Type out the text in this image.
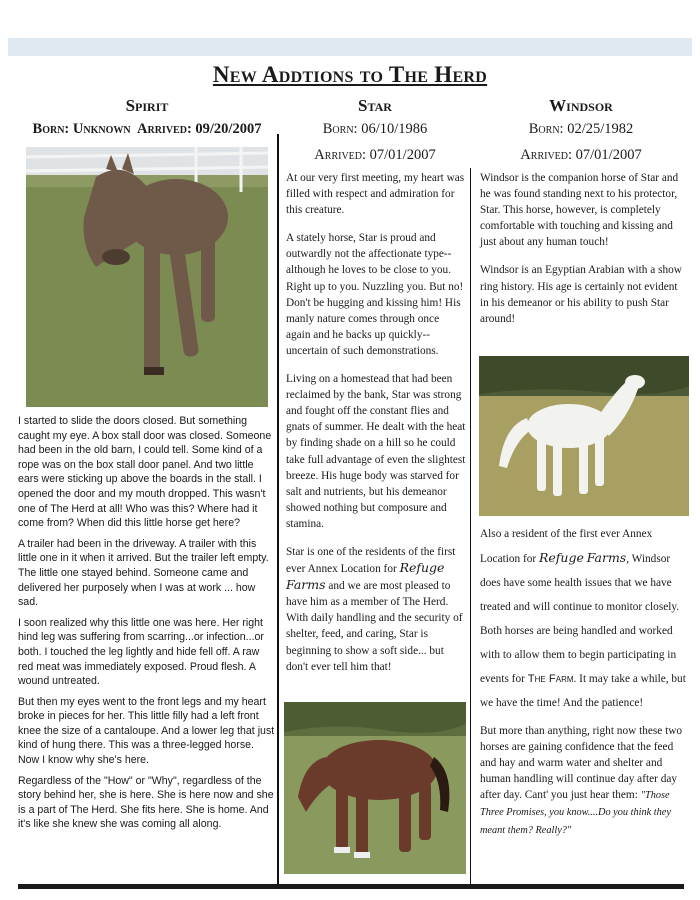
New Addtions to The Herd
Spirit
Born: Unknown  Arrived: 09/20/2007

I started to slide the doors closed. But something caught my eye. A box stall door was closed. Someone had been in the old barn, I could tell. Some kind of a rope was on the box stall door panel. And two little ears were sticking up above the boards in the stall. I opened the door and my mouth dropped. This wasn't one of The Herd at all! Who was this? Where had it come from? When did this little horse get here?

A trailer had been in the driveway. A trailer with this little one in it when it arrived. But the trailer left empty. The little one stayed behind. Someone came and delivered her purposely when I was at work ... how sad.

I soon realized why this little one was here. Her right hind leg was suffering from scarring...or infection...or both. I touched the leg lightly and hide fell off. A raw red meat was immediately exposed. Proud flesh. A wound untreated.

But then my eyes went to the front legs and my heart broke in pieces for her. This little filly had a left front knee the size of a cantaloupe. And a lower leg that just kind of hung there. This was a three-legged horse. Now I know why she's here.

Regardless of the "How" or "Why", regardless of the story behind her, she is here. She is here now and she is a part of The Herd. She fits here. She is home. And it's like she knew she was coming all along.

Star
Born: 06/10/1986
Arrived: 07/01/2007

At our very first meeting, my heart was filled with respect and admiration for this creature.

A stately horse, Star is proud and outwardly not the affectionate type--although he loves to be close to you. Right up to you. Nuzzling you. But no! Don't be hugging and kissing him! His manly nature comes through once again and he backs up quickly--uncertain of such demonstrations.

Living on a homestead that had been reclaimed by the bank, Star was strong and fought off the constant flies and gnats of summer. He dealt with the heat by finding shade on a hill so he could take full advantage of even the slightest breeze. His huge body was starved for salt and nutrients, but his demeanor showed nothing but composure and stamina.

Star is one of the residents of the first ever Annex Location for Refuge Farms and we are most pleased to have him as a member of The Herd. With daily handling and the security of shelter, feed, and caring, Star is beginning to show a soft side... but don't ever tell him that!

Windsor
Born: 02/25/1982
Arrived: 07/01/2007

Windsor is the companion horse of Star and he was found standing next to his protector, Star. This horse, however, is completely comfortable with touching and kissing and just about any human touch!

Windsor is an Egyptian Arabian with a show ring history. His age is certainly not evident in his demeanor or his ability to push Star around!

Also a resident of the first ever Annex Location for Refuge Farms, Windsor does have some health issues that we have treated and will continue to monitor closely. Both horses are being handled and worked with to allow them to begin participating in events for The Farm. It may take a while, but we have the time! And the patience!

But more than anything, right now these two horses are gaining confidence that the feed and hay and warm water and shelter and human handling will continue day after day after day. Cant' you just hear them: "Those Three Promises, you know....Do you think they meant them? Really?"
